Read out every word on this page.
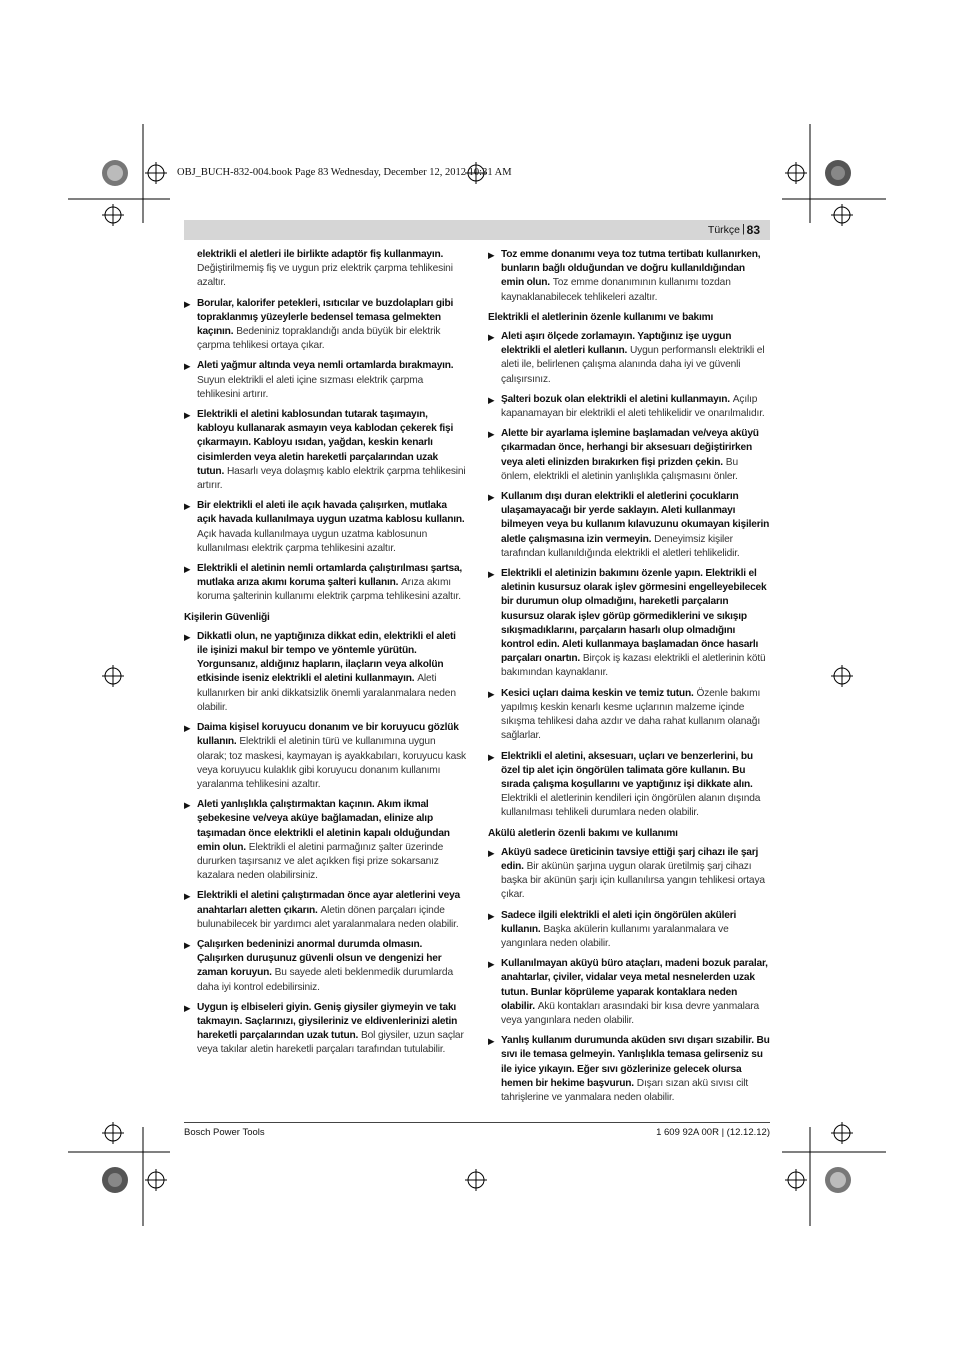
OBJ_BUCH-832-004.book Page 83 Wednesday, December 12, 2012 10:31 AM
Türkçe | 83
elektrikli el aletleri ile birlikte adaptör fiş kullanmayın. Değiştirilmemiş fiş ve uygun priz elektrik çarpma tehlikesini azaltır.
▶ Borular, kalorifer petekleri, ısıtıcılar ve buzdolapları gibi topraklanmış yüzeylerle bedensel temasa gelmekten kaçının. Bedeniniz topraklandığı anda büyük bir elektrik çarpma tehlikesi ortaya çıkar.
▶ Aleti yağmur altında veya nemli ortamlarda bırakmayın. Suyun elektrikli el aleti içine sızması elektrik çarpma tehlikesini artırır.
▶ Elektrikli el aletini kablosundan tutarak taşımayın, kabloyu kullanarak asmayın veya kablodan çekerek fişi çıkarmayın. Kabloyu ısıdan, yağdan, keskin kenarlı cisimlerden veya aletin hareketli parçalarından uzak tutun. Hasarlı veya dolaşmış kablo elektrik çarpma tehlikesini artırır.
▶ Bir elektrikli el aleti ile açık havada çalışırken, mutlaka açık havada kullanılmaya uygun uzatma kablosu kullanın. Açık havada kullanılmaya uygun uzatma kablosunun kullanılması elektrik çarpma tehlikesini azaltır.
▶ Elektrikli el aletinin nemli ortamlarda çalıştırılması şartsa, mutlaka arıza akımı koruma şalteri kullanın. Arıza akımı koruma şalterinin kullanımı elektrik çarpma tehlikesini azaltır.
Kişilerin Güvenliği
▶ Dikkatli olun, ne yaptığınıza dikkat edin, elektrikli el aleti ile işinizi makul bir tempo ve yöntemle yürütün. Yorgunsanız, aldığınız hapların, ilaçların veya alkolün etkisinde iseniz elektrikli el aletini kullanmayın. Aleti kullanırken bir anki dikkatsizlik önemli yaralanmalara neden olabilir.
▶ Daima kişisel koruyucu donanım ve bir koruyucu gözlük kullanın. Elektrikli el aletinin türü ve kullanımına uygun olarak; toz maskesi, kaymayan iş ayakkabıları, koruyucu kask veya koruyucu kulaklık gibi koruyucu donanım kullanımı yaralanma tehlikesini azaltır.
▶ Aleti yanlışlıkla çalıştırmaktan kaçının. Akım ikmal şebekesine ve/veya aküye bağlamadan, elinize alıp taşımadan önce elektrikli el aletinin kapalı olduğundan emin olun. Elektrikli el aletini parmağınız şalter üzerinde dururken taşırsanız ve alet açıkken fişi prize sokarsanız kazalara neden olabilirsiniz.
▶ Elektrikli el aletini çalıştırmadan önce ayar aletlerini veya anahtarları aletten çıkarın. Aletin dönen parçaları içinde bulunabilecek bir yardımcı alet yaralanmalara neden olabilir.
▶ Çalışırken bedeninizi anormal durumda olmasın. Çalışırken duruşunuz güvenli olsun ve dengenizi her zaman koruyun. Bu sayede aleti beklenmedik durumlarda daha iyi kontrol edebilirsiniz.
▶ Uygun iş elbiseleri giyin. Geniş giysiler giymeyin ve takı takmayın. Saçlarınızı, giysileriniz ve eldivenlerinizi aletin hareketli parçalarından uzak tutun. Bol giysiler, uzun saçlar veya takılar aletin hareketli parçaları tarafından tutulabilir.
▶ Toz emme donanımı veya toz tutma tertibatı kullanırken, bunların bağlı olduğundan ve doğru kullanıldığından emin olun. Toz emme donanımının kullanımı tozdan kaynaklanabilecek tehlikeleri azaltır.
Elektrikli el aletlerinin özenle kullanımı ve bakımı
▶ Aleti aşırı ölçede zorlamayın. Yaptığınız işe uygun elektrikli el aletleri kullanın. Uygun performanslı elektrikli el aleti ile, belirlenen çalışma alanında daha iyi ve güvenli çalışırsınız.
▶ Şalteri bozuk olan elektrikli el aletini kullanmayın. Açılıp kapanamayan bir elektrikli el aleti tehlikelidir ve onarılmalıdır.
▶ Alette bir ayarlama işlemine başlamadan ve/veya aküyü çıkarmadan önce, herhangi bir aksesuarı değiştirirken veya aleti elinizden bırakırken fişi prizden çekin. Bu önlem, elektrikli el aletinin yanlışlıkla çalışmasını önler.
▶ Kullanım dışı duran elektrikli el aletlerini çocukların ulaşamayacağı bir yerde saklayın. Aleti kullanmayı bilmeyen veya bu kullanım kılavuzunu okumayan kişilerin aletle çalışmasına izin vermeyin. Deneyimsiz kişiler tarafından kullanıldığında elektrikli el aletleri tehlikelidir.
▶ Elektrikli el aletinizin bakımını özenle yapın. Elektrikli el aletinin kusursuz olarak işlev görmesini engelleyebilecek bir durumun olup olmadığını, hareketli parçaların kusursuz olarak işlev görüp görmediklerini ve sıkışıp sıkışmadıklarını, parçaların hasarlı olup olmadığını kontrol edin. Aleti kullanmaya başlamadan önce hasarlı parçaları onartın. Birçok iş kazası elektrikli el aletlerinin kötü bakımından kaynaklanır.
▶ Kesici uçları daima keskin ve temiz tutun. Özenle bakımı yapılmış keskin kenarlı kesme uçlarının malzeme içinde sıkışma tehlikesi daha azdır ve daha rahat kullanım olanağı sağlarlar.
▶ Elektrikli el aletini, aksesuarı, uçları ve benzerlerini, bu özel tip alet için öngörülen talimata göre kullanın. Bu sırada çalışma koşullarını ve yaptığınız işi dikkate alın. Elektrikli el aletlerinin kendileri için öngörülen alanın dışında kullanılması tehlikeli durumlara neden olabilir.
Akülü aletlerin özenli bakımı ve kullanımı
▶ Aküyü sadece üreticinin tavsiye ettiği şarj cihazı ile şarj edin. Bir akünün şarjına uygun olarak üretilmiş şarj cihazı başka bir akünün şarjı için kullanılırsa yangın tehlikesi ortaya çıkar.
▶ Sadece ilgili elektrikli el aleti için öngörülen aküleri kullanın. Başka akülerin kullanımı yaralanmalara ve yangınlara neden olabilir.
▶ Kullanılmayan aküyü büro ataçları, madeni bozuk paralar, anahtarlar, çiviler, vidalar veya metal nesnelerden uzak tutun. Bunlar köprüleme yaparak kontaklara neden olabilir. Akü kontakları arasındaki bir kısa devre yanmalara veya yangınlara neden olabilir.
▶ Yanlış kullanım durumunda aküden sıvı dışarı sızabilir. Bu sıvı ile temasa gelmeyin. Yanlışlıkla temasa gelirseniz su ile iyice yıkayın. Eğer sıvı gözlerinize gelecek olursa hemen bir hekime başvurun. Dışarı sızan akü sıvısı cilt tahrişlerine ve yanmalara neden olabilir.
Bosch Power Tools	1 609 92A 00R | (12.12.12)
